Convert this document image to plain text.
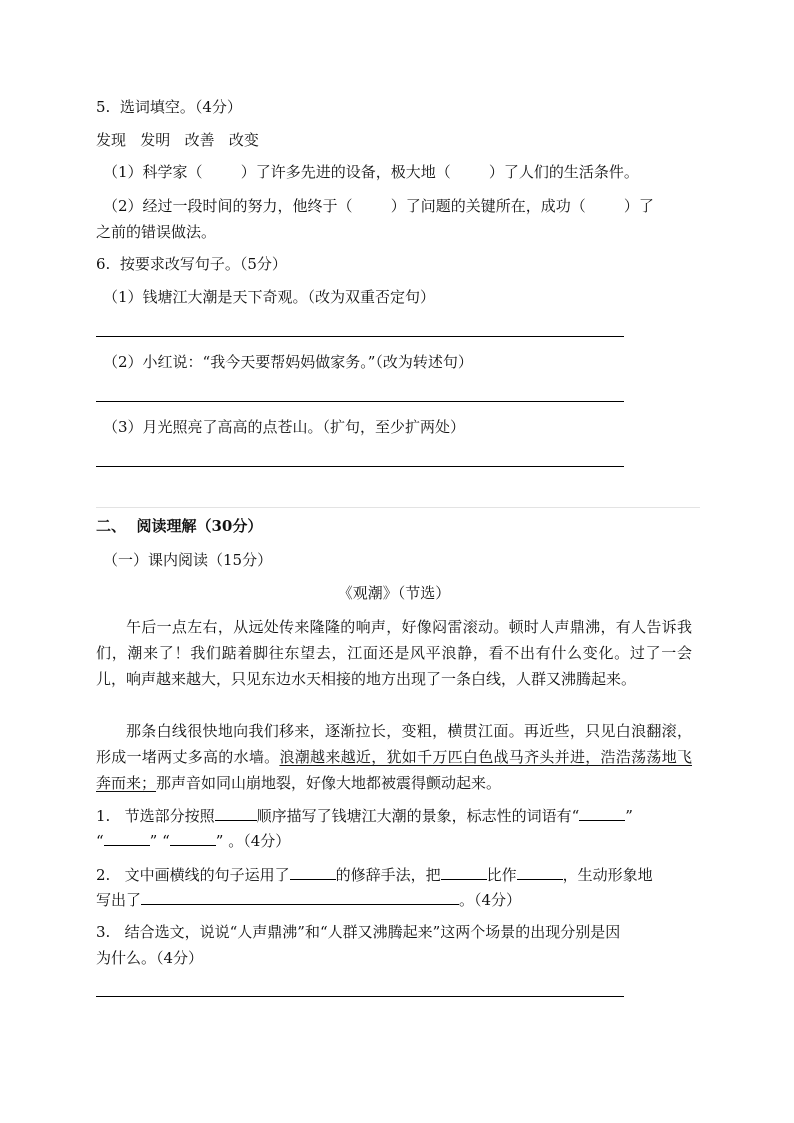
5.  选词填空。（4分）
发现   发明   改善   改变
（1）科学家（        ）了许多先进的设备，极大地（        ）了人们的生活条件。
（2）经过一段时间的努力，他终于（        ）了问题的关键所在，成功（        ）了
之前的错误做法。
6.  按要求改写句子。（5分）
（1）钱塘江大潮是天下奇观。（改为双重否定句）
（2）小红说：“我今天要帮妈妈做家务。”（改为转述句）
（3）月光照亮了高高的点苍山。（扩句，至少扩两处）
二、  阅读理解（30分）
（一）课内阅读（15分）
《观潮》（节选）
午后一点左右，从远处传来隆隆的响声，好像闷雷滚动。顿时人声鼎沸，有人告诉我们，潮来了！我们踮着脚往东望去，江面还是风平浪静，看不出有什么变化。过了一会儿，响声越来越大，只见东边水天相接的地方出现了一条白线，人群又沸腾起来。
那条白线很快地向我们移来，逐渐拉长，变粗，横贯江面。再近些，只见白浪翻滚，形成一堵两丈多高的水墙。浪潮越来越近，犹如千万匹白色战马齐头并进，浩浩荡荡地飞奔而来；那声音如同山崩地裂，好像大地都被震得颤动起来。
1.   节选部分按照	顺序描写了钱塘江大潮的景象，标志性的词语有“	”
“	” “	” 。（4分）
2.   文中画横线的句子运用了	的修辞手法，把	比作	，生动形象地
写出了	。（4分）
3.   结合选文，说说“人声鼎沸”和“人群又沸腾起来”这两个场景的出现分别是因
为什么。（4分）
